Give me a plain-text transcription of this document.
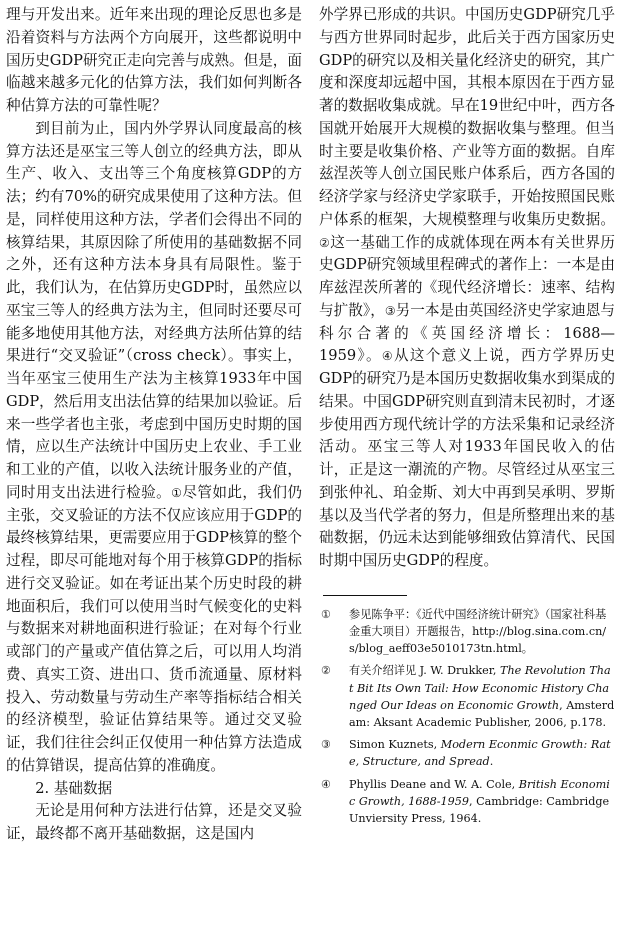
理与开发出来。近年来出现的理论反思也多是沿着资料与方法两个方向展开，这些都说明中国历史GDP研究正走向完善与成熟。但是，面临越来越多元化的估算方法，我们如何判断各种估算方法的可靠性呢？

到目前为止，国内外学界认同度最高的核算方法还是巫宝三等人创立的经典方法，即从生产、收入、支出等三个角度核算GDP的方法；约有70%的研究成果使用了这种方法。但是，同样使用这种方法，学者们会得出不同的核算结果，其原因除了所使用的基础数据不同之外，还有这种方法本身具有局限性。鉴于此，我们认为，在估算历史GDP时，虽然应以巫宝三等人的经典方法为主，但同时还要尽可能多地使用其他方法，对经典方法所估算的结果进行“交叉验证”（cross check）。事实上，当年巫宝三使用生产法为主核算1933年中国GDP，然后用支出法估算的结果加以验证。后来一些学者也主张，考虑到中国历史时期的国情，应以生产法统计中国历史上农业、手工业和工业的产值，以收入法统计服务业的产值，同时用支出法进行检验。①尽管如此，我们仍主张，交叉验证的方法不仅应该应用于GDP的最终核算结果，更需要应用于GDP核算的整个过程，即尽可能地对每个用于核算GDP的指标进行交叉验证。如在考证出某个历史时段的耕地面积后，我们可以使用当时气候变化的史料与数据来对耕地面积进行验证；在对每个行业或部门的产量或产值估算之后，可以用人均消费、真实工资、进出口、货币流通量、原材料投入、劳动数量与劳动生产率等指标结合相关的经济模型，验证估算结果等。通过交叉验证，我们往往会纠正仅使用一种估算方法造成的估算错误，提高估算的准确度。

2. 基础数据

无论是用何种方法进行估算，还是交叉验证，最终都不离开基础数据，这是国内

外学界已形成的共识。中国历史GDP研究几乎与西方世界同时起步，此后关于西方国家历史GDP的研究以及相关量化经济史的研究，其广度和深度却远超中国，其根本原因在于西方显著的数据收集成就。早在19世纪中叶，西方各国就开始展开大规模的数据收集与整理。但当时主要是收集价格、产业等方面的数据。自库兹涅茨等人创立国民账户体系后，西方各国的经济学家与经济史学家联手，开始按照国民账户体系的框架，大规模整理与收集历史数据。②这一基础工作的成就体现在两本有关世界历史GDP研究领域里程碑式的著作上：一本是由库兹涅茨所著的《现代经济增长：速率、结构与扩散》，③另一本是由英国经济史学家迪恩与科尔合著的《英国经济增长：1688—1959》。④从这个意义上说，西方学界历史GDP的研究乃是本国历史数据收集水到渠成的结果。中国GDP研究则直到清末民初时，才逐步使用西方现代统计学的方法采集和记录经济活动。巫宝三等人对1933年国民收入的估计，正是这一潮流的产物。尽管经过从巫宝三到张仲礼、珀金斯、刘大中再到吴承明、罗斯基以及当代学者的努力，但是所整理出来的基础数据，仍远未达到能够细致估算清代、民国时期中国历史GDP的程度。

①	参见陈争平：《近代中国经济统计研究》（国家社科基金重大项目）开题报告，http://blog.sina.com.cn/s/blog_aeff03e5010173tn.html。
②	有关介绍详见 J. W. Drukker, The Revolution That Bit Its Own Tail: How Economic History Changed Our Ideas on Economic Growth, Amsterdam: Aksant Academic Publisher, 2006, p.178.
③	Simon Kuznets, Modern Econmic Growth: Rate, Structure, and Spread.
④	Phyllis Deane and W. A. Cole, British Economic Growth, 1688-1959, Cambridge: Cambridge Unviersity Press, 1964.
